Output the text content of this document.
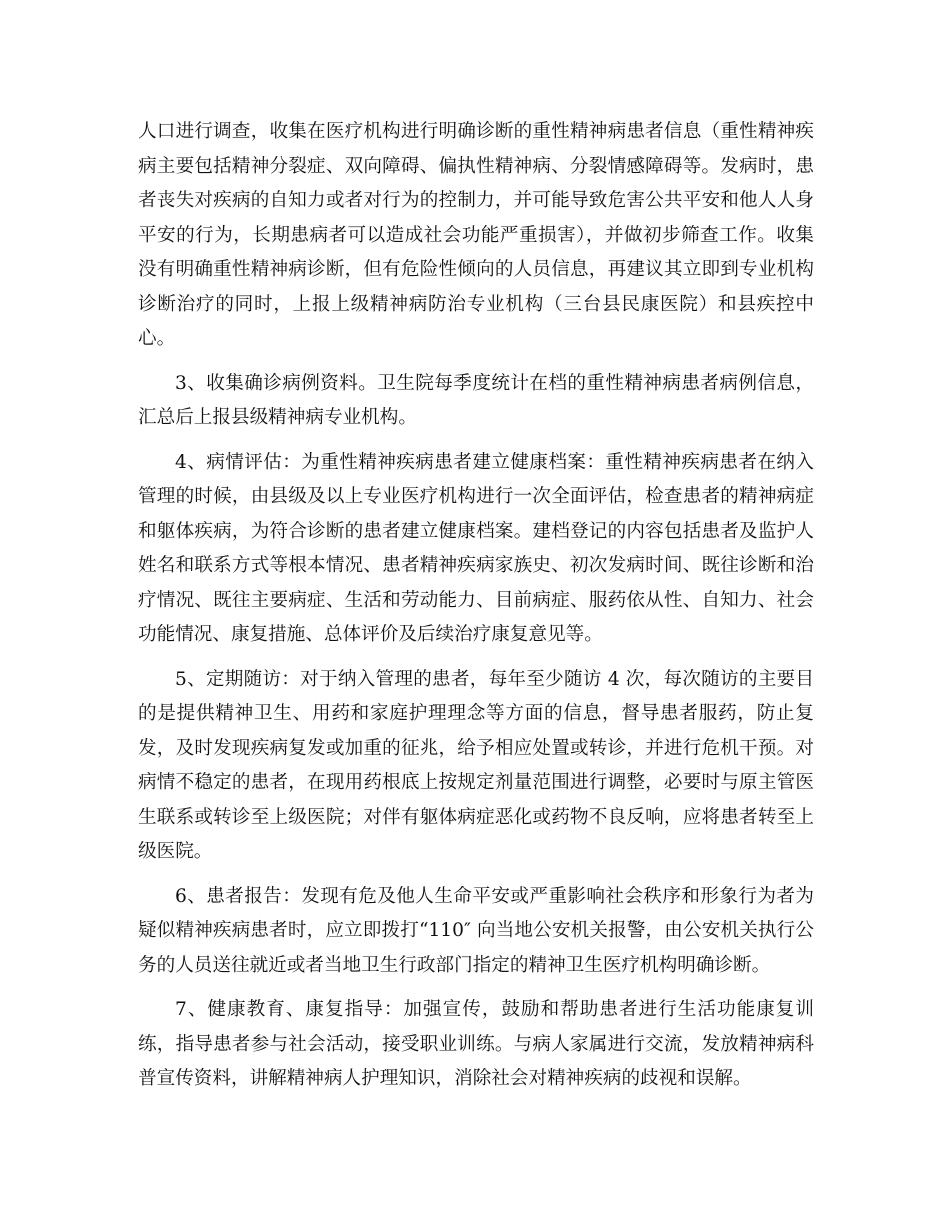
人口进行调查，收集在医疗机构进行明确诊断的重性精神病患者信息（重性精神疾
病主要包括精神分裂症、双向障碍、偏执性精神病、分裂情感障碍等。发病时，患
者丧失对疾病的自知力或者对行为的控制力，并可能导致危害公共平安和他人人身
平安的行为，长期患病者可以造成社会功能严重损害），并做初步筛查工作。收集
没有明确重性精神病诊断，但有危险性倾向的人员信息，再建议其立即到专业机构
诊断治疗的同时，上报上级精神病防治专业机构（三台县民康医院）和县疾控中
心。
3、收集确诊病例资料。卫生院每季度统计在档的重性精神病患者病例信息，
汇总后上报县级精神病专业机构。
4、病情评估：为重性精神疾病患者建立健康档案：重性精神疾病患者在纳入
管理的时候，由县级及以上专业医疗机构进行一次全面评估，检查患者的精神病症
和躯体疾病，为符合诊断的患者建立健康档案。建档登记的内容包括患者及监护人
姓名和联系方式等根本情况、患者精神疾病家族史、初次发病时间、既往诊断和治
疗情况、既往主要病症、生活和劳动能力、目前病症、服药依从性、自知力、社会
功能情况、康复措施、总体评价及后续治疗康复意见等。
5、定期随访：对于纳入管理的患者，每年至少随访 4 次，每次随访的主要目
的是提供精神卫生、用药和家庭护理理念等方面的信息，督导患者服药，防止复
发，及时发现疾病复发或加重的征兆，给予相应处置或转诊，并进行危机干预。对
病情不稳定的患者，在现用药根底上按规定剂量范围进行调整，必要时与原主管医
生联系或转诊至上级医院；对伴有躯体病症恶化或药物不良反响，应将患者转至上
级医院。
6、患者报告：发现有危及他人生命平安或严重影响社会秩序和形象行为者为
疑似精神疾病患者时，应立即拨打“110″ 向当地公安机关报警，由公安机关执行公
务的人员送往就近或者当地卫生行政部门指定的精神卫生医疗机构明确诊断。
7、健康教育、康复指导：加强宣传，鼓励和帮助患者进行生活功能康复训
练，指导患者参与社会活动，接受职业训练。与病人家属进行交流，发放精神病科
普宣传资料，讲解精神病人护理知识，消除社会对精神疾病的歧视和误解。
